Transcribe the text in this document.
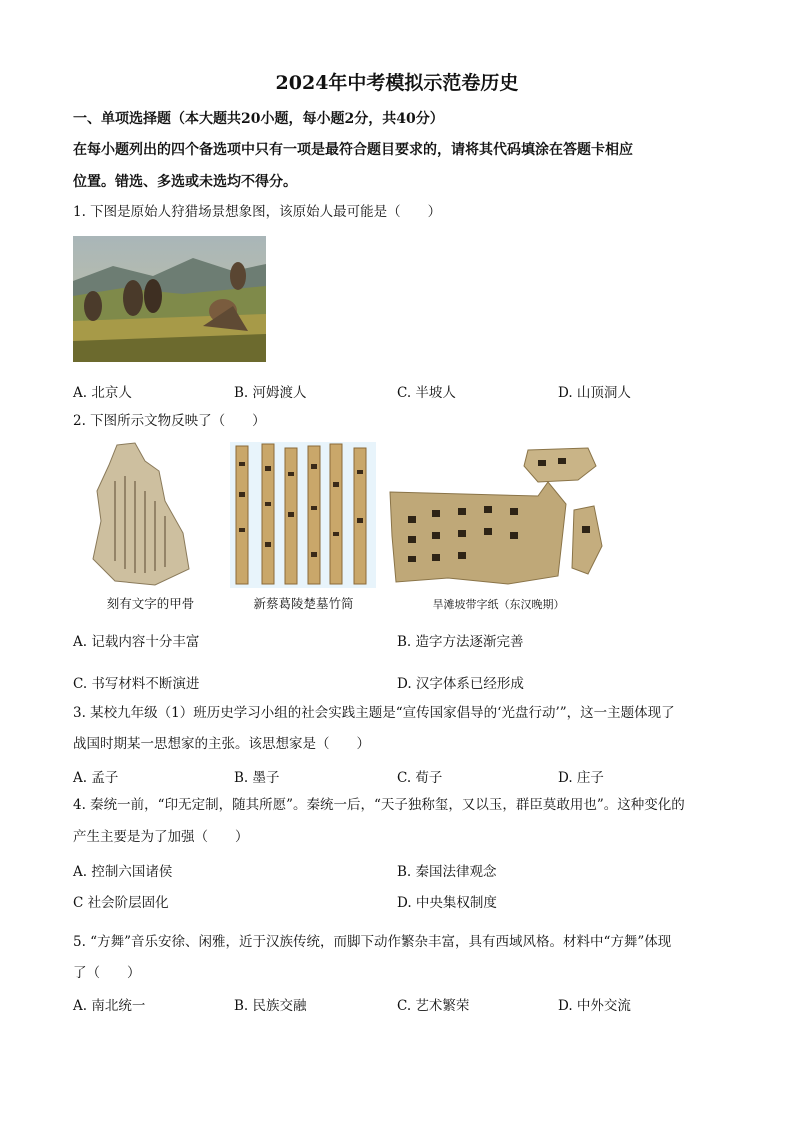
2024年中考模拟示范卷历史
一、单项选择题（本大题共20小题，每小题2分，共40分）
在每小题列出的四个备选项中只有一项是最符合题目要求的，请将其代码填涂在答题卡相应
位置。错选、多选或未选均不得分。
1. 下图是原始人狩猎场景想象图，该原始人最可能是（　　）
A. 北京人	B. 河姆渡人	C. 半坡人	D. 山顶洞人
2. 下图所示文物反映了（　　）
刻有文字的甲骨	新蔡葛陵楚墓竹简	旱滩坡带字纸（东汉晚期）
A. 记载内容十分丰富	B. 造字方法逐渐完善
C. 书写材料不断演进	D. 汉字体系已经形成
3. 某校九年级（1）班历史学习小组的社会实践主题是“宣传国家倡导的‘光盘行动’”，这一主题体现了
战国时期某一思想家的主张。该思想家是（　　）
A. 孟子	B. 墨子	C. 荀子	D. 庄子
4. 秦统一前，“印无定制，随其所愿”。秦统一后，“天子独称玺，又以玉，群臣莫敢用也”。这种变化的
产生主要是为了加强（　　）
A. 控制六国诸侯	B. 秦国法律观念
C 社会阶层固化	D. 中央集权制度
5. “方舞”音乐安徐、闲雅，近于汉族传统，而脚下动作繁杂丰富，具有西域风格。材料中“方舞”体现
了（　　）
A. 南北统一	B. 民族交融	C. 艺术繁荣	D. 中外交流
